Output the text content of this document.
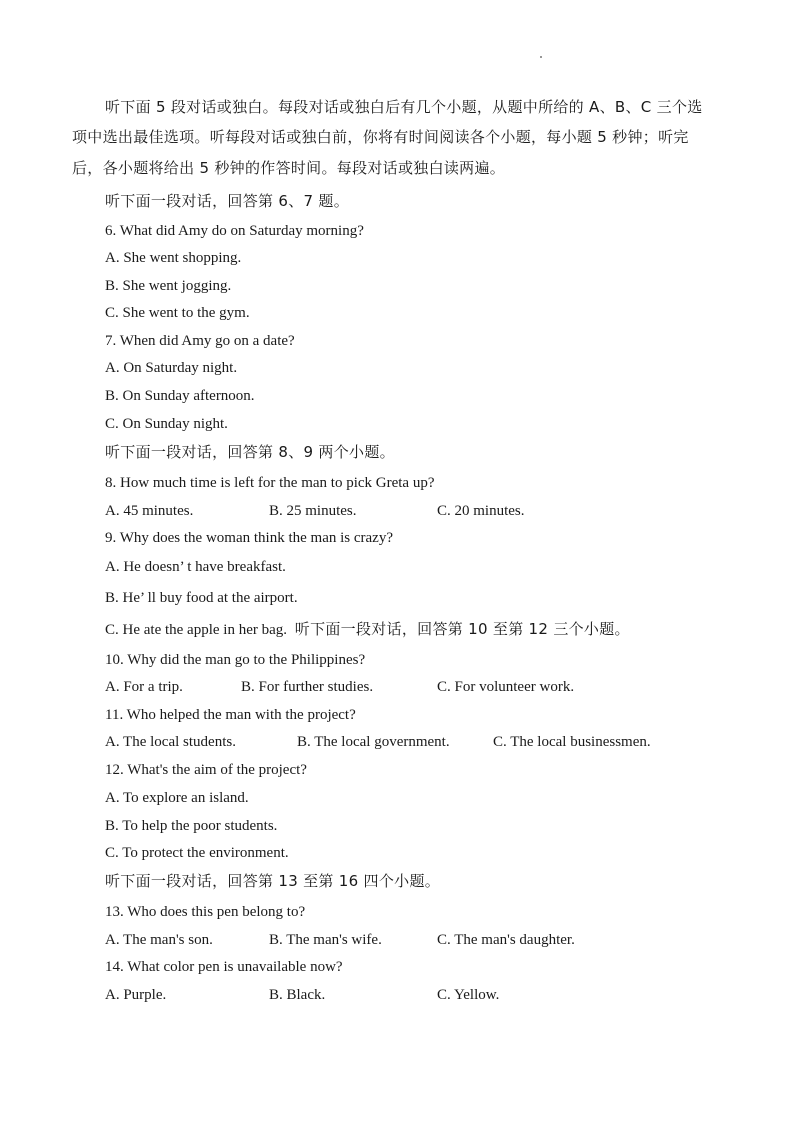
听下面 5 段对话或独白。每段对话或独白后有几个小题，从题中所给的 A、B、C 三个选
项中选出最佳选项。听每段对话或独白前，你将有时间阅读各个小题，每小题 5 秒钟；听完
后，各小题将给出 5 秒钟的作答时间。每段对话或独白读两遍。
听下面一段对话，回答第 6、7 题。
6. What did Amy do on Saturday morning?
A. She went shopping.
B. She went jogging.
C. She went to the gym.
7. When did Amy go on a date?
A. On Saturday night.
B. On Sunday afternoon.
C. On Sunday night.
听下面一段对话，回答第 8、9 两个小题。
8. How much time is left for the man to pick Greta up?
A. 45 minutes.	B. 25 minutes.	C. 20 minutes.
9. Why does the woman think the man is crazy?
A. He doesn’ t have breakfast.
B. He’ ll buy food at the airport.
C. He ate the apple in her bag. 听下面一段对话，回答第 10 至第 12 三个小题。
10. Why did the man go to the Philippines?
A. For a trip.	B. For further studies.	C. For volunteer work.
11. Who helped the man with the project?
A. The local students.	B. The local government.	C. The local businessmen.
12. What's the aim of the project?
A. To explore an island.
B. To help the poor students.
C. To protect the environment.
听下面一段对话，回答第 13 至第 16 四个小题。
13. Who does this pen belong to?
A. The man's son.	B. The man's wife.	C. The man's daughter.
14. What color pen is unavailable now?
A. Purple.	B. Black.	C. Yellow.
